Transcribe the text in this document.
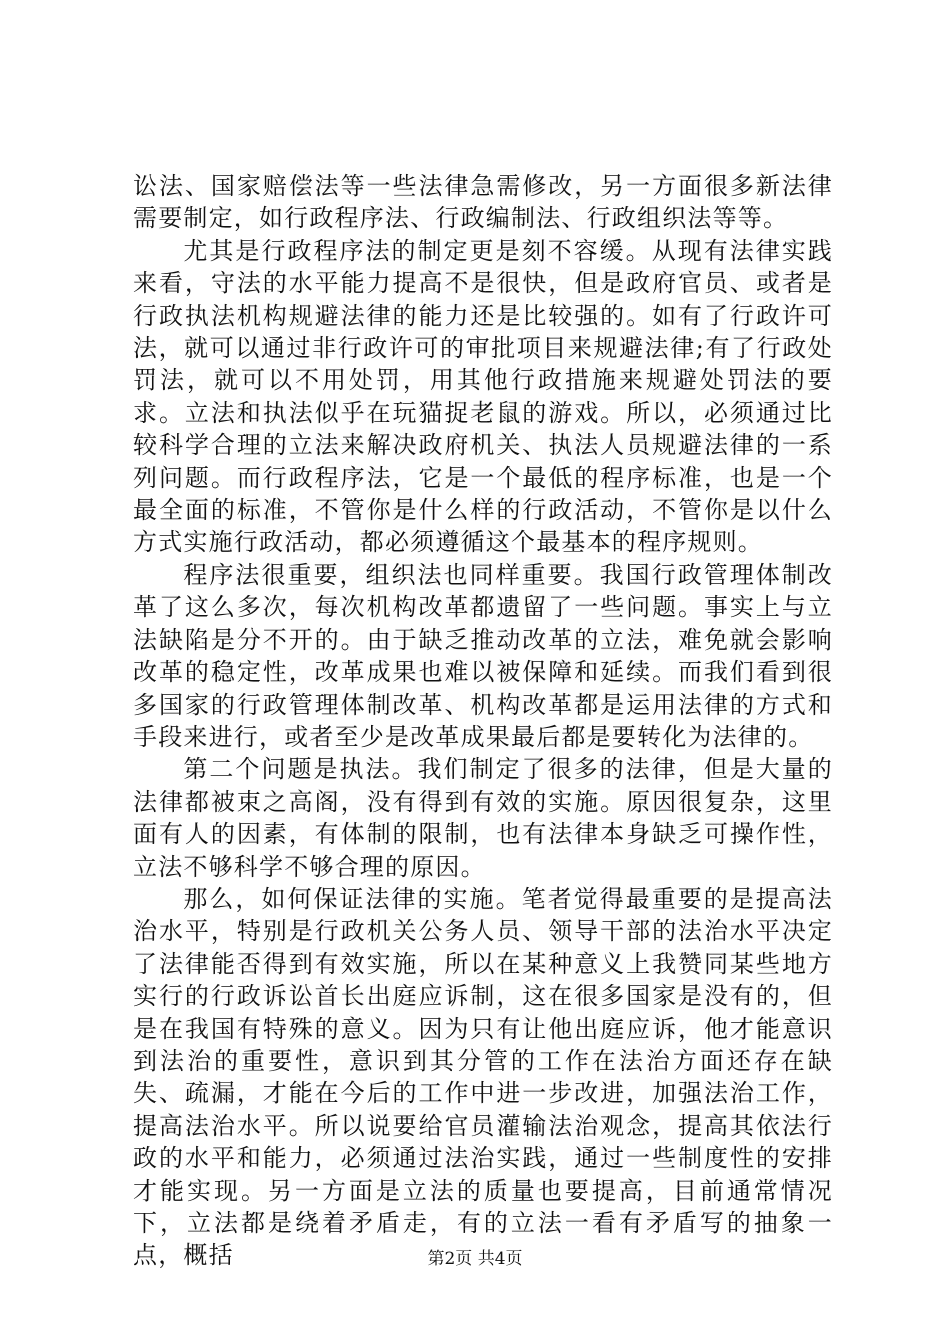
讼法、国家赔偿法等一些法律急需修改，另一方面很多新法律需要制定，如行政程序法、行政编制法、行政组织法等等。

尤其是行政程序法的制定更是刻不容缓。从现有法律实践来看，守法的水平能力提高不是很快，但是政府官员、或者是行政执法机构规避法律的能力还是比较强的。如有了行政许可法，就可以通过非行政许可的审批项目来规避法律;有了行政处罚法，就可以不用处罚，用其他行政措施来规避处罚法的要求。立法和执法似乎在玩猫捉老鼠的游戏。所以，必须通过比较科学合理的立法来解决政府机关、执法人员规避法律的一系列问题。而行政程序法，它是一个最低的程序标准，也是一个最全面的标准，不管你是什么样的行政活动，不管你是以什么方式实施行政活动，都必须遵循这个最基本的程序规则。

程序法很重要，组织法也同样重要。我国行政管理体制改革了这么多次，每次机构改革都遗留了一些问题。事实上与立法缺陷是分不开的。由于缺乏推动改革的立法，难免就会影响改革的稳定性，改革成果也难以被保障和延续。而我们看到很多国家的行政管理体制改革、机构改革都是运用法律的方式和手段来进行，或者至少是改革成果最后都是要转化为法律的。

第二个问题是执法。我们制定了很多的法律，但是大量的法律都被束之高阁，没有得到有效的实施。原因很复杂，这里面有人的因素，有体制的限制，也有法律本身缺乏可操作性，立法不够科学不够合理的原因。

那么，如何保证法律的实施。笔者觉得最重要的是提高法治水平，特别是行政机关公务人员、领导干部的法治水平决定了法律能否得到有效实施，所以在某种意义上我赞同某些地方实行的行政诉讼首长出庭应诉制，这在很多国家是没有的，但是在我国有特殊的意义。因为只有让他出庭应诉，他才能意识到法治的重要性，意识到其分管的工作在法治方面还存在缺失、疏漏，才能在今后的工作中进一步改进，加强法治工作，提高法治水平。所以说要给官员灌输法治观念，提高其依法行政的水平和能力，必须通过法治实践，通过一些制度性的安排才能实现。另一方面是立法的质量也要提高，目前通常情况下，立法都是绕着矛盾走，有的立法一看有矛盾写的抽象一点，概括	第2页 共4页
